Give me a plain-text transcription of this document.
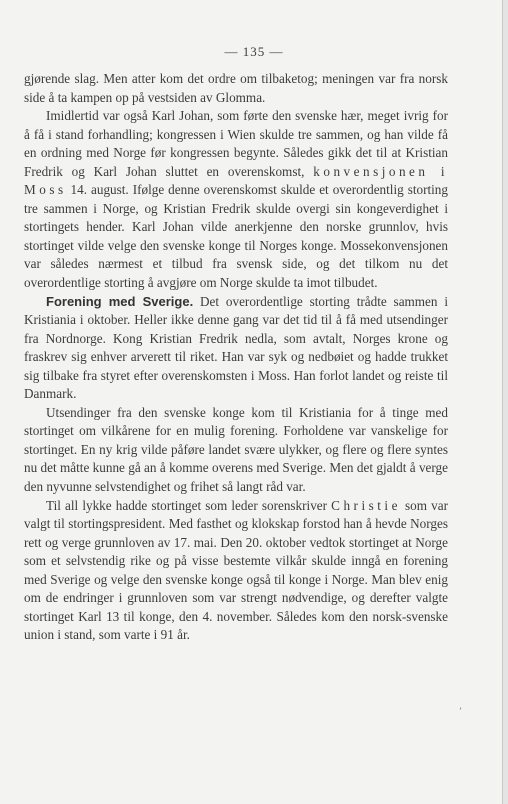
— 135 —

gjørende slag. Men atter kom det ordre om tilbaketog; meningen var fra norsk side å ta kampen op på vestsiden av Glomma.

Imidlertid var også Karl Johan, som førte den svenske hær, meget ivrig for å få i stand forhandling; kongressen i Wien skulde tre sammen, og han vilde få en ordning med Norge før kongressen begynte. Således gikk det til at Kristian Fredrik og Karl Johan sluttet en overenskomst, konvensjonen i Moss 14. august. Ifølge denne overenskomst skulde et overordentlig storting tre sammen i Norge, og Kristian Fredrik skulde overgi sin kongeverdighet i stortingets hender. Karl Johan vilde anerkjenne den norske grunnlov, hvis stortinget vilde velge den svenske konge til Norges konge. Mossekonvensjonen var således nærmest et tilbud fra svensk side, og det tilkom nu det overordentlige storting å avgjøre om Norge skulde ta imot tilbudet.

Forening med Sverige. Det overordentlige storting trådte sammen i Kristiania i oktober. Heller ikke denne gang var det tid til å få med utsendinger fra Nordnorge. Kong Kristian Fredrik nedla, som avtalt, Norges krone og fraskrev sig enhver arverett til riket. Han var syk og nedbøiet og hadde trukket sig tilbake fra styret efter overenskomsten i Moss. Han forlot landet og reiste til Danmark.

Utsendinger fra den svenske konge kom til Kristiania for å tinge med stortinget om vilkårene for en mulig forening. Forholdene var vanskelige for stortinget. En ny krig vilde påføre landet svære ulykker, og flere og flere syntes nu det måtte kunne gå an å komme overens med Sverige. Men det gjaldt å verge den nyvunne selvstendighet og frihet så langt råd var.

Til all lykke hadde stortinget som leder sorenskriver Christie som var valgt til stortingspresident. Med fasthet og klokskap forstod han å hevde Norges rett og verge grunnloven av 17. mai. Den 20. oktober vedtok stortinget at Norge som et selvstendig rike og på visse bestemte vilkår skulde inngå en forening med Sverige og velge den svenske konge også til konge i Norge. Man blev enig om de endringer i grunnloven som var strengt nødvendige, og derefter valgte stortinget Karl 13 til konge, den 4. november. Således kom den norsk-svenske union i stand, som varte i 91 år.

ʼ
